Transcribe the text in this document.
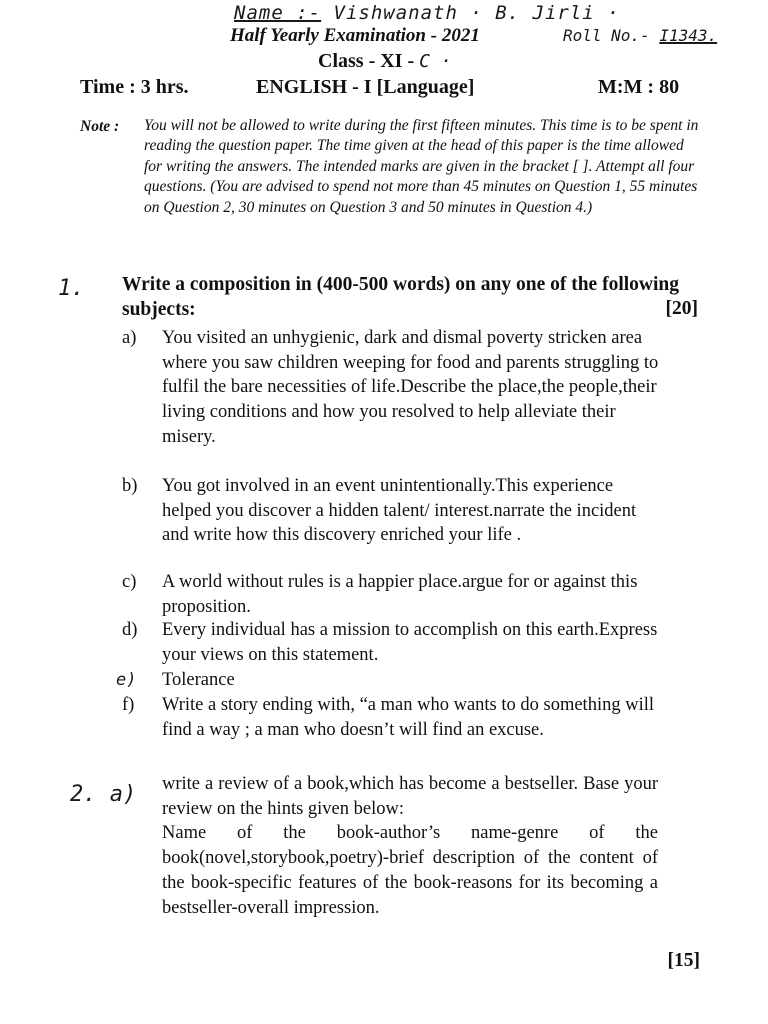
Name :- Vishwanath · B. Jirli ·
Half Yearly Examination - 2021	Roll No.- I1343.
Class - XI - C ·
Time : 3 hrs.	ENGLISH - I [Language]	M:M : 80
Note : You will not be allowed to write during the first fifteen minutes. This time is to be spent in reading the question paper. The time given at the head of this paper is the time allowed for writing the answers. The intended marks are given in the bracket [ ]. Attempt all four questions. (You are advised to spend not more than 45 minutes on Question 1, 55 minutes on Question 2, 30 minutes on Question 3 and 50 minutes in Question 4.)
1. Write a composition in (400-500 words) on any one of the following subjects:	[20]
a) You visited an unhygienic, dark and dismal poverty stricken area where you saw children weeping for food and parents struggling to fulfil the bare necessities of life.Describe the place,the people,their living conditions and how you resolved to help alleviate their misery.
b) You got involved in an event unintentionally.This experience helped you discover a hidden talent/ interest.narrate the incident and write how this discovery enriched your life .
c) A world without rules is a happier place.argue for or against this proposition.
d) Every individual has a mission to accomplish on this earth.Express your views on this statement.
e) Tolerance
f) Write a story ending with, “a man who wants to do something will find a way ; a man who doesn’t will find an excuse.
2. a) write a review of a book,which has become a bestseller. Base your review on the hints given below:
Name of the book-author’s name-genre of the book(novel,storybook,poetry)-brief description of the content of the book-specific features of the book-reasons for its becoming a bestseller-overall impression.
[15]
